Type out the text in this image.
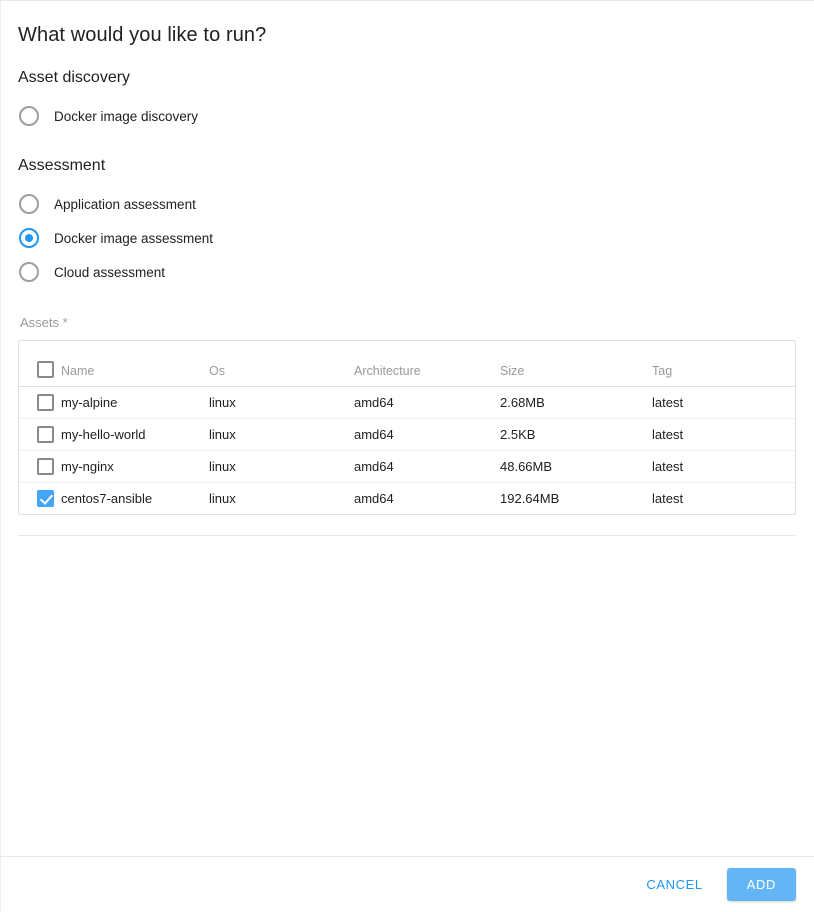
What would you like to run?
Asset discovery
Docker image discovery
Assessment
Application assessment
Docker image assessment
Cloud assessment
Assets *
	Name	Os	Architecture	Size	Tag
	my-alpine	linux	amd64	2.68MB	latest
	my-hello-world	linux	amd64	2.5KB	latest
	my-nginx	linux	amd64	48.66MB	latest
	centos7-ansible	linux	amd64	192.64MB	latest
CANCEL	ADD
